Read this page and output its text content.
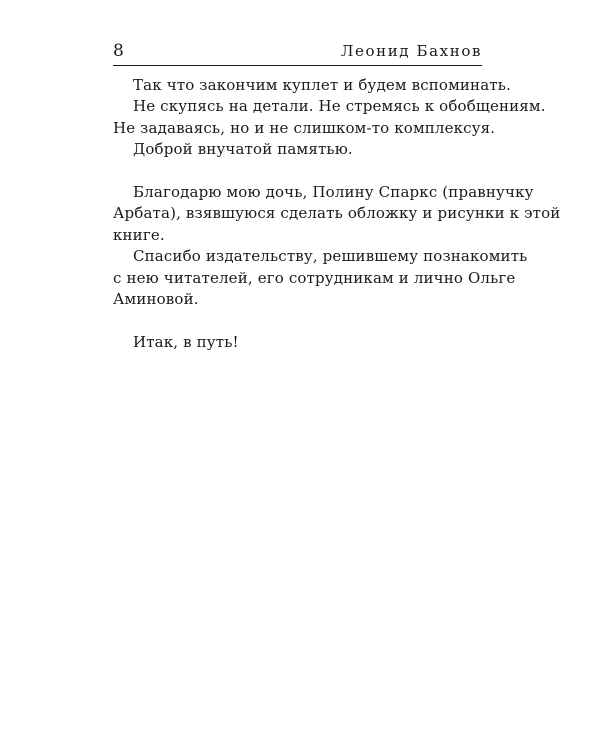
8	Леонид Бахнов

Так что закончим куплет и будем вспоминать.

Не скупясь на детали. Не стремясь к обобщениям.

Не задаваясь, но и не слишком-то комплексуя.

Доброй внучатой памятью.

Благодарю мою дочь, Полину Спаркс (правнучку
Арбата), взявшуюся сделать обложку и рисунки к этой
книге.

Спасибо издательству, решившему познакомить
с нею читателей, его сотрудникам и лично Ольге
Аминовой.

Итак, в путь!
